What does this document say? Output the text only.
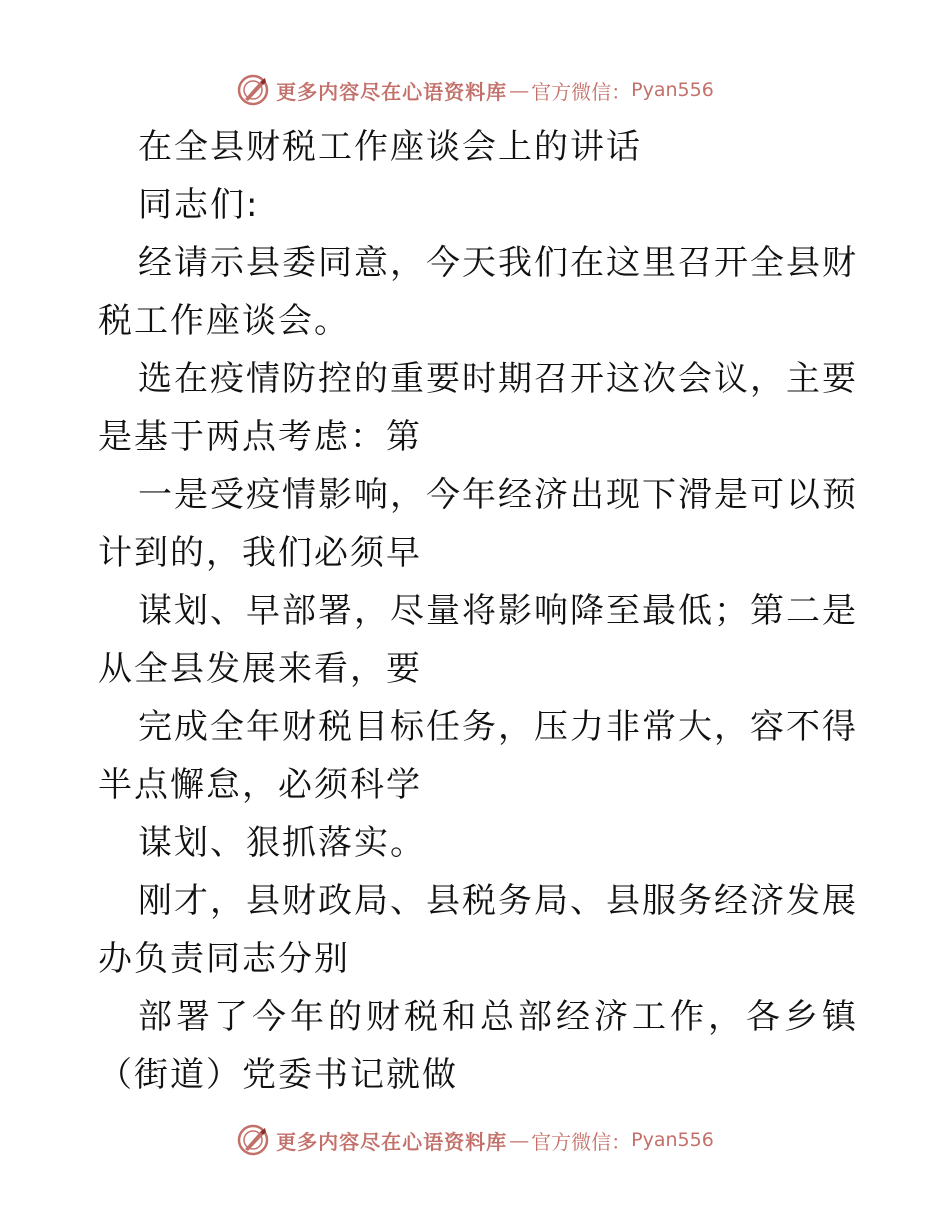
更多内容尽在心语资料库 — 官方微信： Pyan556

在全县财税工作座谈会上的讲话

同志们:

经请示县委同意，今天我们在这里召开全县财税工作座谈会。

选在疫情防控的重要时期召开这次会议，主要是基于两点考虑：第

一是受疫情影响，今年经济出现下滑是可以预计到的，我们必须早

谋划、早部署，尽量将影响降至最低；第二是从全县发展来看，要

完成全年财税目标任务，压力非常大，容不得半点懈怠，必须科学

谋划、狠抓落实。

刚才，县财政局、县税务局、县服务经济发展办负责同志分别

部署了今年的财税和总部经济工作，各乡镇（街道）党委书记就做

更多内容尽在心语资料库 — 官方微信： Pyan556
